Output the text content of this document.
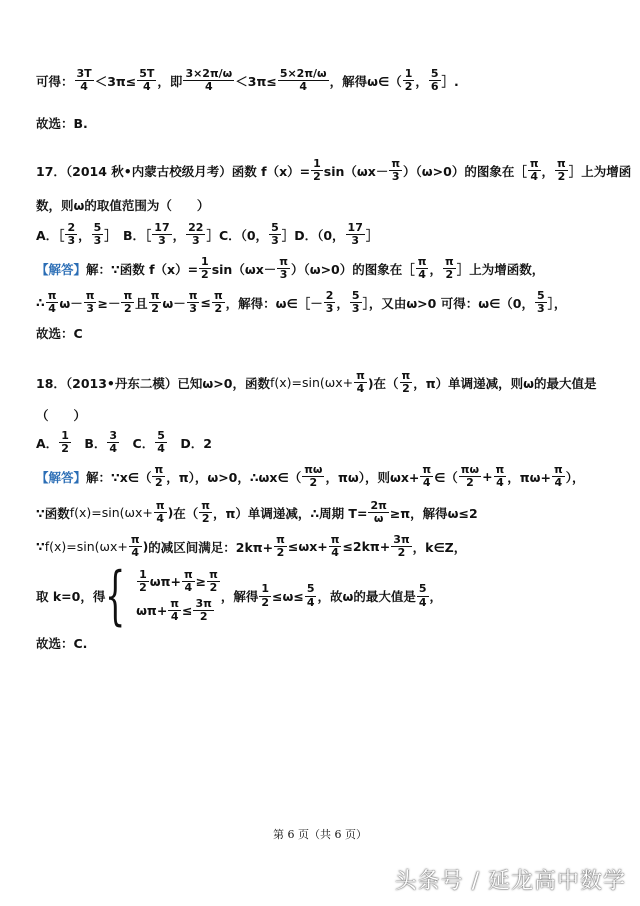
可得：
3T
$4 <3\pi\le \frac{5T}{4}$ ，即
3×2π/ω
$4 <3\pi\le \frac{5\times 2\pi/\omega}{4}$ ，解得ω∈（
1
2 ，
5
6 ］.
故选：B.
17．（2014 秋•内蒙古校级月考）函数 $f(x)= \frac{1}{2} \sin(\omega x-$
π
3 ）（ω>0）的图象在［
π
4 ，
π
2 ］上为增函
数，则ω的取值范围为（　　）
A．［
2
3 ，
5
3 ］　B．［
17
3 ，
22
3 ］C．（0，
5
3 ］D．（0，
17
3 ］
【解答】 解：∵函数 $f(x)= \frac{1}{2} \sin(\omega x-$
π
3 ）（ω>0）的图象在［
π
4 ，
π
2 ］上为增函数，
∴ π
4 $\omega- \frac{\pi}{3}$ ≥－
π
2 且
π
2 $\omega- \frac{\pi}{3} \le \frac{\pi}{2}$ ，解得：ω∈［－
2
3 ，
5
3 ］，又由ω>0 可得：ω∈（0，
5
3 ］，
故选：C
18．（2013•丹东二模）已知ω>0，函数 $f(x)=\sin(\omega x+ \frac{\pi}{4}$ )在（
π
2 ，π）单调递减，则ω的最大值是
（　　）
A．
1
2 　B．
3
4 　C．
5
4 　D．2
【解答】 解：∵x∈（
π
2 ，π），ω>0，∴ωx∈（
πω
2 ，πω），则$\omega x+ \frac{\pi}{4}$ ∈（
πω
$2 + \frac{\pi}{4}$ ，$\pi\omega+ \frac{\pi}{4}$ ），
∵函数 $f(x)=\sin(\omega x+ \frac{\pi}{4}$ ) 在（
π
2 ，π）单调递减，∴周期 $T= \frac{2\pi}{\omega} \ge\pi$，解得ω≤2
∵ $f(x)=\sin(\omega x+ \frac{\pi}{4}$ ) 的减区间满足：$2k\pi+ \frac{\pi}{2} \le\omega x+ \frac{\pi}{4} \le 2k\pi+ \frac{3\pi}{2}$ ，k∈Z，
取 k=0，得 { 1
2 $\omega\pi+ \frac{\pi}{4} \ge \frac{\pi}{2}$
$\omega\pi+ \frac{\pi}{4} \le \frac{3\pi}{2}$
，解得 $\frac{1}{2} \le\omega\le \frac{5}{4}$ ，故ω的最大值是
5
4 ，
故选：C.
第 6 页（共 6 页）
头条号 / 延龙高中数学
